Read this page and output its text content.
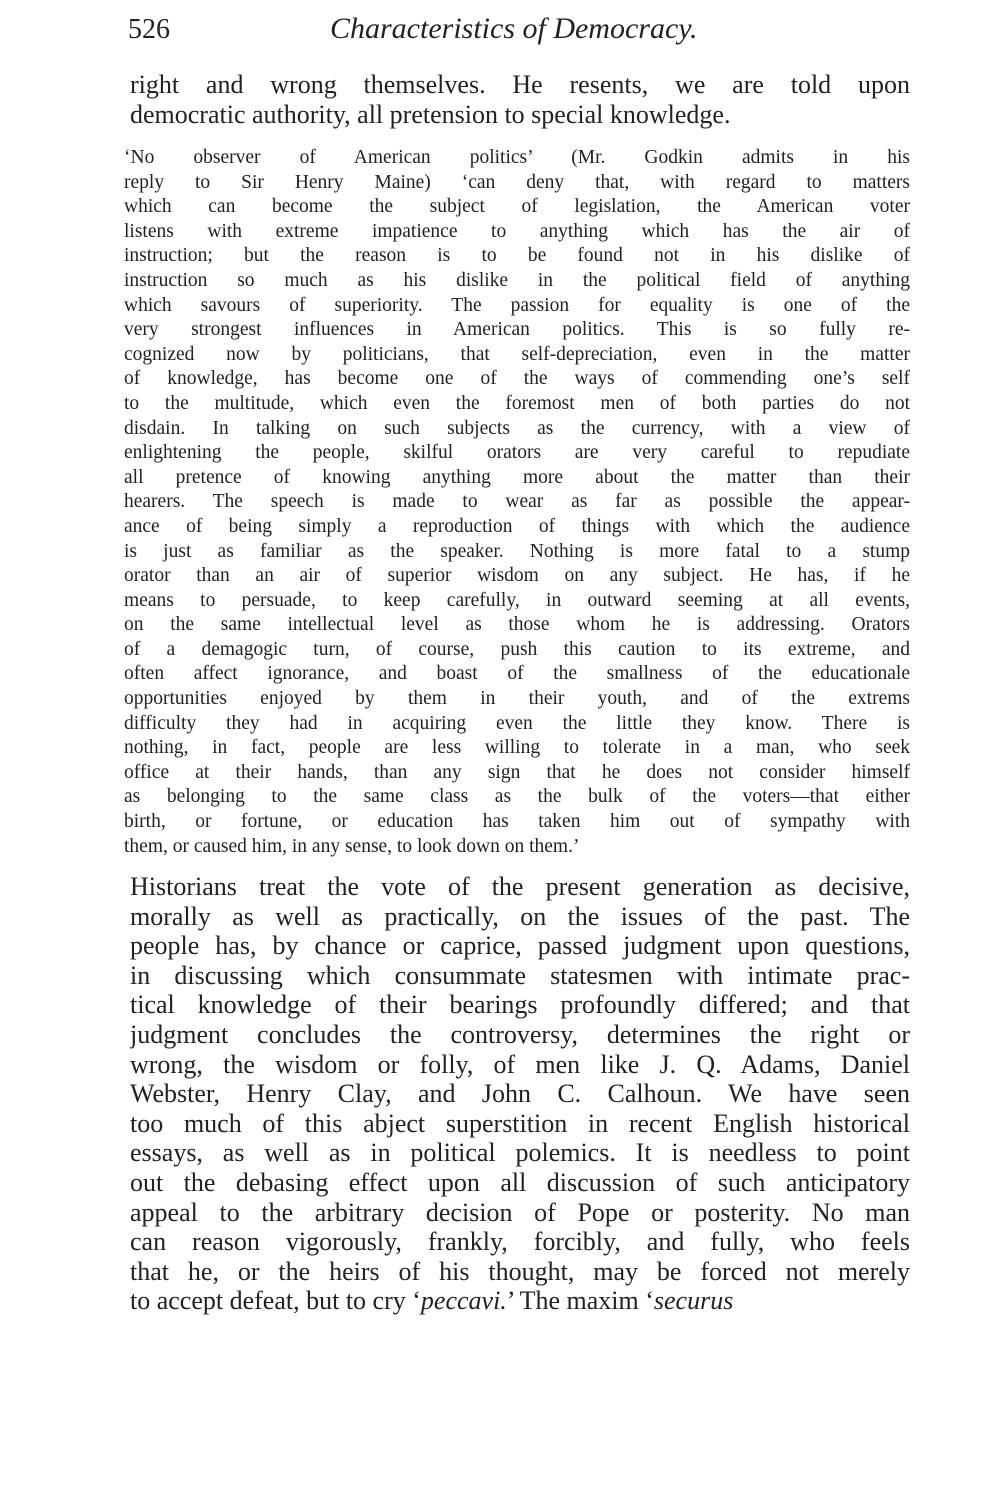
526	Characteristics of Democracy.
right and wrong themselves. He resents, we are told upon
democratic authority, all pretension to special knowledge.
‘No observer of American politics’ (Mr. Godkin admits in his
reply to Sir Henry Maine) ‘can deny that, with regard to matters
which can become the subject of legislation, the American voter
listens with extreme impatience to anything which has the air of
instruction; but the reason is to be found not in his dislike of
instruction so much as his dislike in the political field of anything
which savours of superiority. The passion for equality is one of the
very strongest influences in American politics. This is so fully re-
cognized now by politicians, that self-depreciation, even in the matter
of knowledge, has become one of the ways of commending one’s self
to the multitude, which even the foremost men of both parties do not
disdain. In talking on such subjects as the currency, with a view of
enlightening the people, skilful orators are very careful to repudiate
all pretence of knowing anything more about the matter than their
hearers. The speech is made to wear as far as possible the appear-
ance of being simply a reproduction of things with which the audience
is just as familiar as the speaker. Nothing is more fatal to a stump
orator than an air of superior wisdom on any subject. He has, if he
means to persuade, to keep carefully, in outward seeming at all events,
on the same intellectual level as those whom he is addressing. Orators
of a demagogic turn, of course, push this caution to its extreme, and
often affect ignorance, and boast of the smallness of the educationale
opportunities enjoyed by them in their youth, and of the extrems
difficulty they had in acquiring even the little they know. There is
nothing, in fact, people are less willing to tolerate in a man, who seek
office at their hands, than any sign that he does not consider himself
as belonging to the same class as the bulk of the voters—that either
birth, or fortune, or education has taken him out of sympathy with
them, or caused him, in any sense, to look down on them.’
Historians treat the vote of the present generation as decisive,
morally as well as practically, on the issues of the past. The
people has, by chance or caprice, passed judgment upon questions,
in discussing which consummate statesmen with intimate prac-
tical knowledge of their bearings profoundly differed; and that
judgment concludes the controversy, determines the right or
wrong, the wisdom or folly, of men like J. Q. Adams, Daniel
Webster, Henry Clay, and John C. Calhoun. We have seen
too much of this abject superstition in recent English historical
essays, as well as in political polemics. It is needless to point
out the debasing effect upon all discussion of such anticipatory
appeal to the arbitrary decision of Pope or posterity. No man
can reason vigorously, frankly, forcibly, and fully, who feels
that he, or the heirs of his thought, may be forced not merely
to accept defeat, but to cry ‘peccavi.’ The maxim ‘securus
